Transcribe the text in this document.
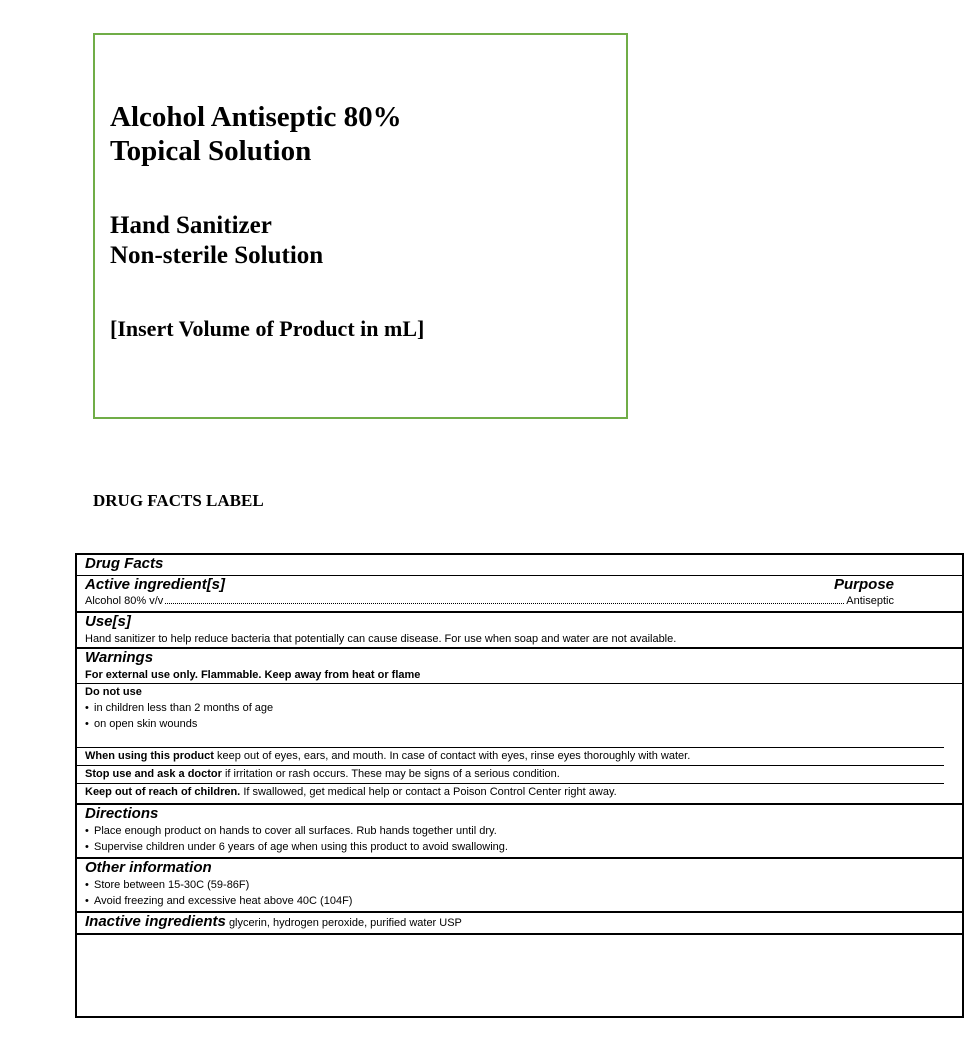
Alcohol Antiseptic 80%
Topical Solution
Hand Sanitizer
Non-sterile Solution
[Insert Volume of Product in mL]
DRUG FACTS LABEL
Drug Facts
Active ingredient[s]	Purpose
Alcohol 80% v/v	Antiseptic
Use[s]
Hand sanitizer to help reduce bacteria that potentially can cause disease. For use when soap and water are not available.
Warnings
For external use only. Flammable. Keep away from heat or flame
Do not use
• in children less than 2 months of age
• on open skin wounds
When using this product keep out of eyes, ears, and mouth. In case of contact with eyes, rinse eyes thoroughly with water.
Stop use and ask a doctor if irritation or rash occurs. These may be signs of a serious condition.
Keep out of reach of children. If swallowed, get medical help or contact a Poison Control Center right away.
Directions
• Place enough product on hands to cover all surfaces. Rub hands together until dry.
• Supervise children under 6 years of age when using this product to avoid swallowing.
Other information
• Store between 15-30C (59-86F)
• Avoid freezing and excessive heat above 40C (104F)
Inactive ingredients glycerin, hydrogen peroxide, purified water USP
